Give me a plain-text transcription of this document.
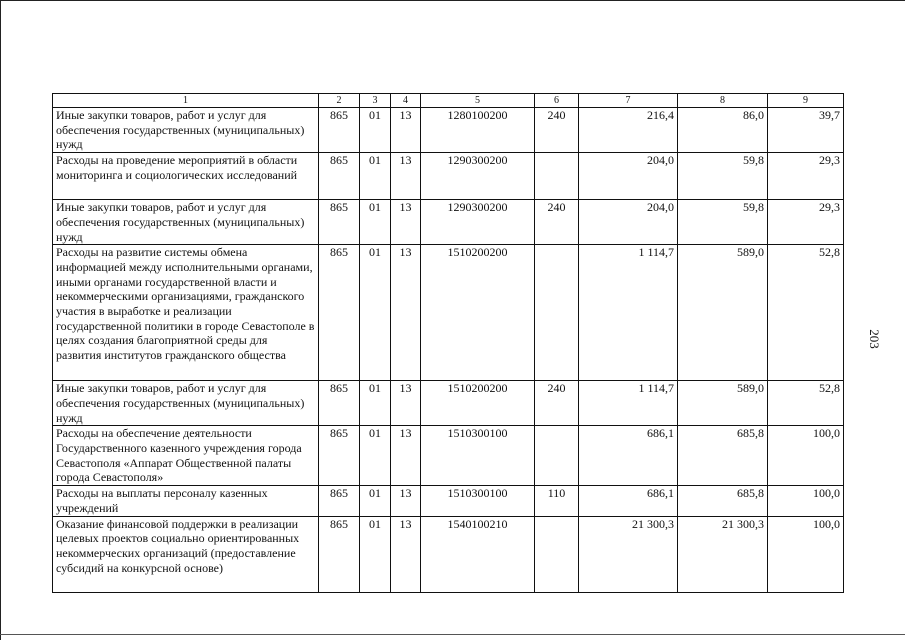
1	2	3	4	5	6	7	8	9
Иные закупки товаров, работ и услуг для обеспечения государственных (муниципальных) нужд	865	01	13	1280100200	240	216,4	86,0	39,7
Расходы на проведение мероприятий в области мониторинга и социологических исследований	865	01	13	1290300200		204,0	59,8	29,3
Иные закупки товаров, работ и услуг для обеспечения государственных (муниципальных) нужд	865	01	13	1290300200	240	204,0	59,8	29,3
Расходы на развитие системы обмена информацией между исполнительными органами, иными органами государственной власти и некоммерческими организациями, гражданского участия в выработке и реализации государственной политики в городе Севастополе в целях создания благоприятной среды для развития институтов гражданского общества	865	01	13	1510200200		1 114,7	589,0	52,8
Иные закупки товаров, работ и услуг для обеспечения государственных (муниципальных) нужд	865	01	13	1510200200	240	1 114,7	589,0	52,8
Расходы на обеспечение деятельности Государственного казенного учреждения города Севастополя «Аппарат Общественной палаты города Севастополя»	865	01	13	1510300100		686,1	685,8	100,0
Расходы на выплаты персоналу казенных учреждений	865	01	13	1510300100	110	686,1	685,8	100,0
Оказание финансовой поддержки в реализации целевых проектов социально ориентированных некоммерческих организаций (предоставление субсидий на конкурсной основе)	865	01	13	1540100210		21 300,3	21 300,3	100,0
203
